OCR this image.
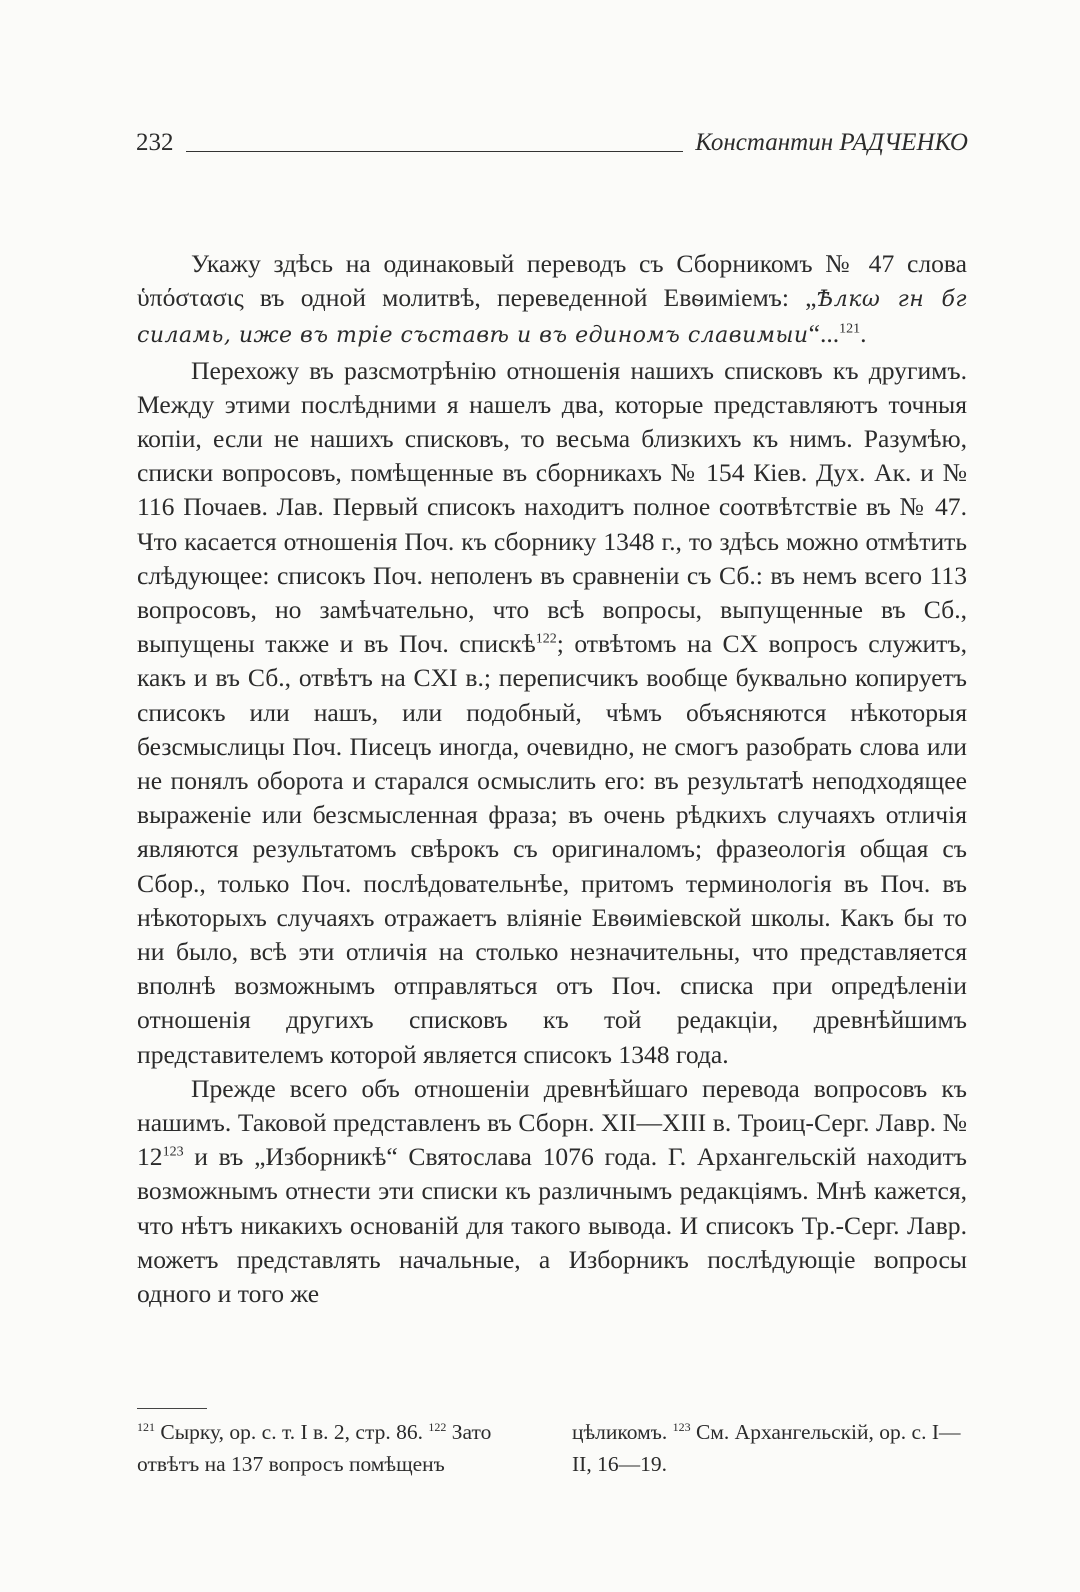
232	Константин РАДЧЕНКО

Укажу здѣсь на одинаковый переводъ съ Сборникомъ № 47 слова ὑπόστασις въ одной молитвѣ, переведенной Евѳиміемъ: „Ѣлкω гн бг силамь, иже въ тріе съставѣ и въ единомъ славимыи“...$^{121}$.

Перехожу въ разсмотрѣнію отношенія нашихъ списковъ къ другимъ. Между этими послѣдними я нашелъ два, которые представляютъ точныя копіи, если не нашихъ списковъ, то весьма близкихъ къ нимъ. Разумѣю, списки вопросовъ, помѣщенные въ сборникахъ № 154 Кіев. Дух. Ак. и № 116 Почаев. Лав. Первый списокъ находитъ полное соотвѣтствіе въ № 47. Что касается отношенія Поч. къ сборнику 1348 г., то здѣсь можно отмѣтить слѣдующее: списокъ Поч. неполенъ въ сравненіи съ Сб.: въ немъ всего 113 вопросовъ, но замѣчательно, что всѣ вопросы, выпущенные въ Сб., выпущены также и въ Поч. спискѣ$^{122}$; отвѣтомъ на CX вопросъ служитъ, какъ и въ Сб., отвѣтъ на CXI в.; переписчикъ вообще буквально копируетъ списокъ или нашъ, или подобный, чѣмъ объясняются нѣкоторыя безсмыслицы Поч. Писецъ иногда, очевидно, не смогъ разобрать слова или не понялъ оборота и старался осмыслить его: въ результатѣ неподходящее выраженіе или безсмысленная фраза; въ очень рѣдкихъ случаяхъ отличія являются результатомъ свѣрокъ съ оригиналомъ; фразеологія общая съ Сбор., только Поч. послѣдовательнѣе, притомъ терминологія въ Поч. въ нѣкоторыхъ случаяхъ отражаетъ вліяніе Евѳиміевской школы. Какъ бы то ни было, всѣ эти отличія на столько незначительны, что представляется вполнѣ возможнымъ отправляться отъ Поч. списка при опредѣленіи отношенія другихъ списковъ къ той редакціи, древнѣйшимъ представителемъ которой является списокъ 1348 года.

Прежде всего объ отношеніи древнѣйшаго перевода вопросовъ къ нашимъ. Таковой представленъ въ Сборн. XII—XIII в. Троиц-Серг. Лавр. № $12^{123}$ и въ „Изборникѣ“ Святослава 1076 года. Г. Архангельскій находитъ возможнымъ отнести эти списки къ различнымъ редакціямъ. Мнѣ кажется, что нѣтъ никакихъ основаній для такого вывода. И списокъ Тр.-Серг. Лавр. можетъ представлять начальные, а Изборникъ послѣдующіе вопросы одного и того же

$^{121}$ Сырку, op. c. т. I в. 2, стр. 86. $^{122}$ Зато отвѣтъ на 137 вопросъ помѣщенъ цѣликомъ. $^{123}$ См. Архангельскій, op. c. I—II, 16—19.
